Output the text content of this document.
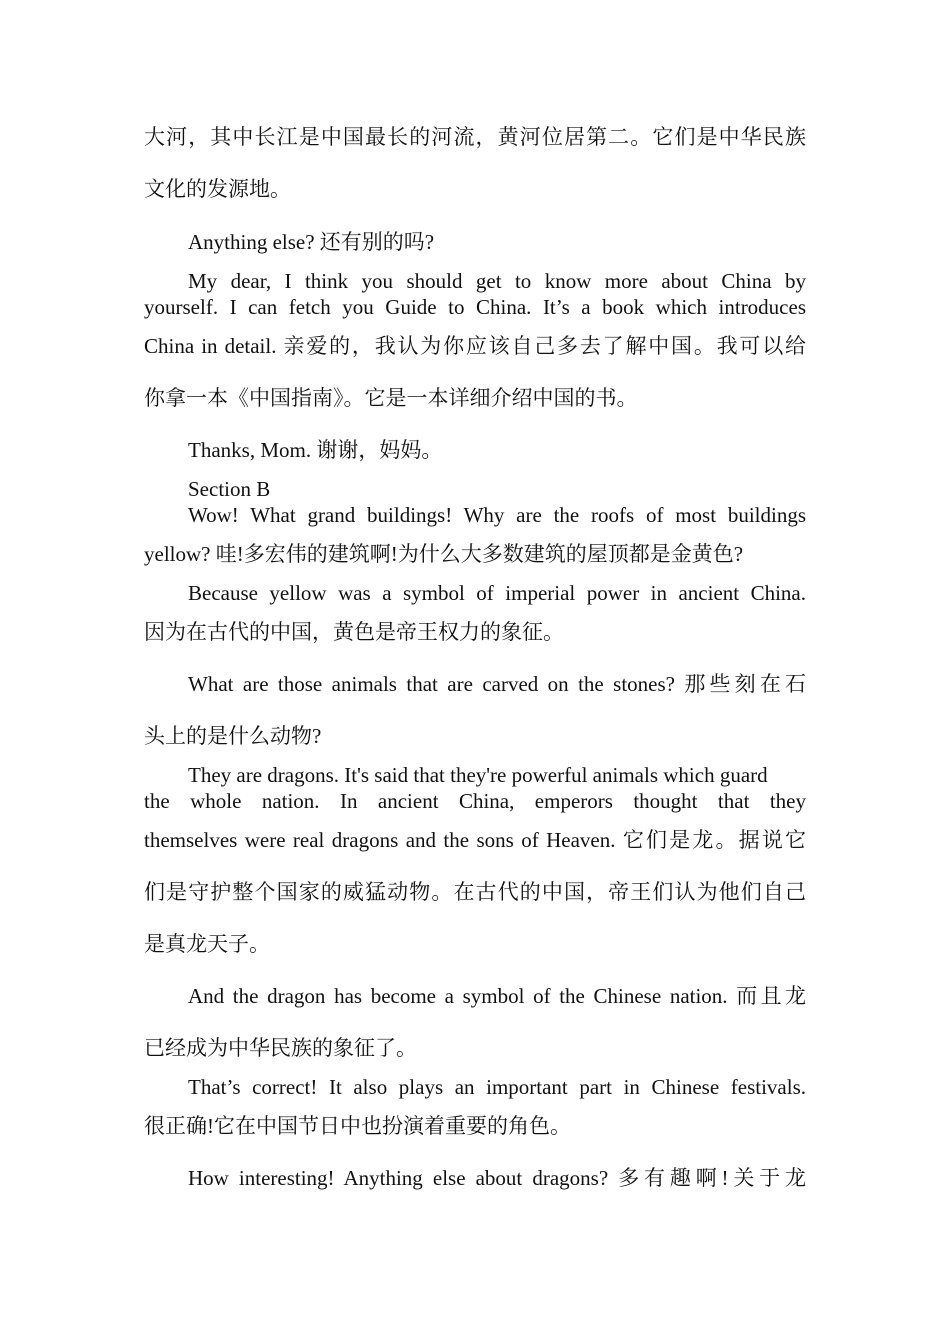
大河，其中长江是中国最长的河流，黄河位居第二。它们是中华民族
文化的发源地。
Anything else? 还有别的吗?
My dear, I think you should get to know more about China by
yourself. I can fetch you Guide to China. It’s a book which introduces
China in detail. 亲爱的，我认为你应该自己多去了解中国。我可以给
你拿一本《中国指南》。它是一本详细介绍中国的书。
Thanks, Mom. 谢谢，妈妈。
Section B
Wow! What grand buildings! Why are the roofs of most buildings
yellow? 哇!多宏伟的建筑啊!为什么大多数建筑的屋顶都是金黄色?
Because yellow was a symbol of imperial power in ancient China.
因为在古代的中国，黄色是帝王权力的象征。
What are those animals that are carved on the stones? 那些刻在石
头上的是什么动物?
They are dragons. It's said that they're powerful animals which guard
the whole nation. In ancient China, emperors thought that they
themselves were real dragons and the sons of Heaven. 它们是龙。据说它
们是守护整个国家的威猛动物。在古代的中国，帝王们认为他们自己
是真龙天子。
And the dragon has become a symbol of the Chinese nation. 而且龙
已经成为中华民族的象征了。
That’s correct! It also plays an important part in Chinese festivals.
很正确!它在中国节日中也扮演着重要的角色。
How interesting! Anything else about dragons? 多有趣啊!关于龙
